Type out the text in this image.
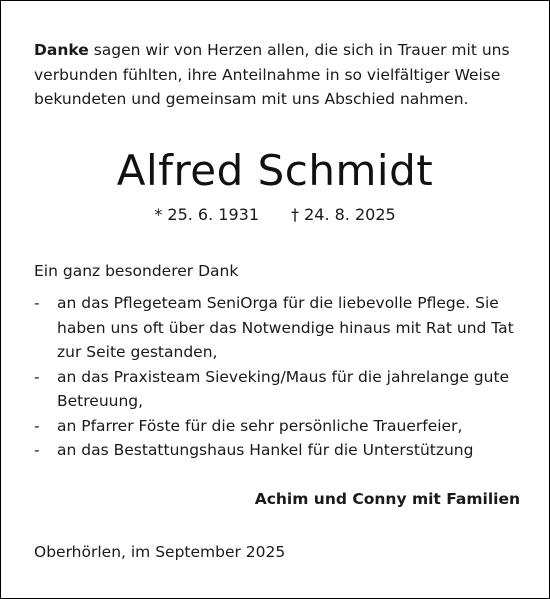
Danke sagen wir von Herzen allen, die sich in Trauer mit uns verbunden fühlten, ihre Anteilnahme in so vielfältiger Weise bekundeten und gemeinsam mit uns Abschied nahmen.

Alfred Schmidt
* 25. 6. 1931 † 24. 8. 2025

Ein ganz besonderer Dank

- an das Pflegeteam SeniOrga für die liebevolle Pflege. Sie haben uns oft über das Notwendige hinaus mit Rat und Tat zur Seite gestanden,
- an das Praxisteam Sieveking/Maus für die jahrelange gute Betreuung,
- an Pfarrer Föste für die sehr persönliche Trauerfeier,
- an das Bestattungshaus Hankel für die Unterstützung

Achim und Conny mit Familien

Oberhörlen, im September 2025
